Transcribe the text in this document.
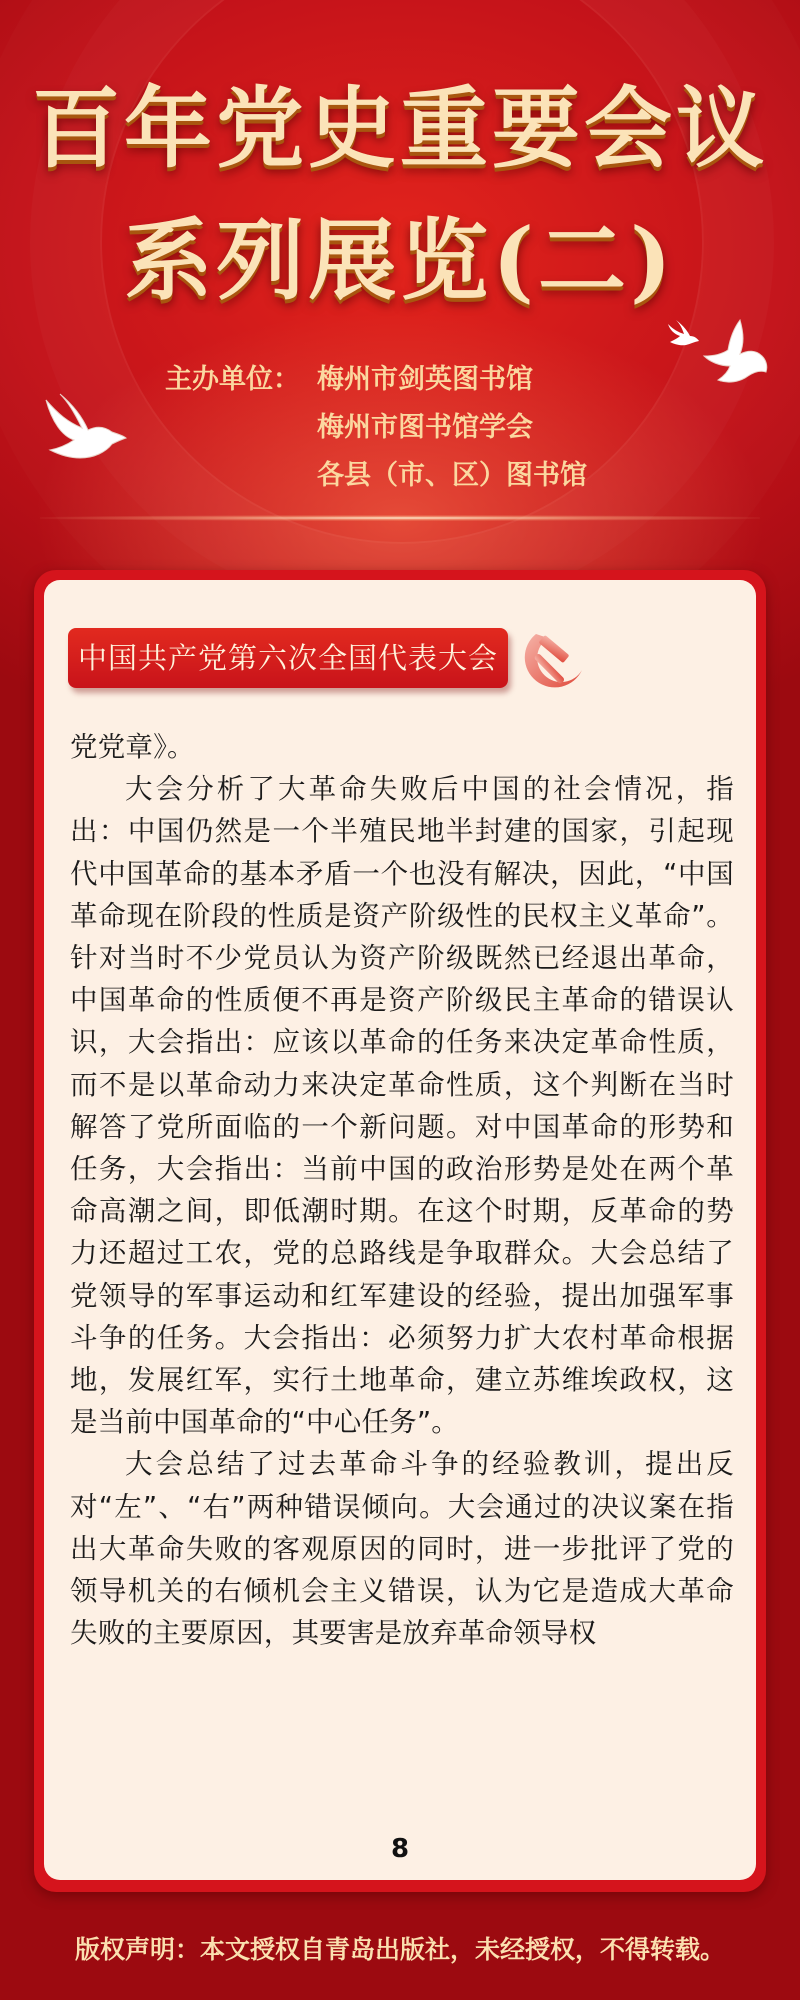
百年党史重要会议
系列展览(二)
主办单位： 梅州市剑英图书馆
梅州市图书馆学会
各县（市、区）图书馆
中国共产党第六次全国代表大会

党党章》。

大会分析了大革命失败后中国的社会情况，指出：中国仍然是一个半殖民地半封建的国家，引起现代中国革命的基本矛盾一个也没有解决，因此，“中国革命现在阶段的性质是资产阶级性的民权主义革命”。针对当时不少党员认为资产阶级既然已经退出革命，中国革命的性质便不再是资产阶级民主革命的错误认识，大会指出：应该以革命的任务来决定革命性质，而不是以革命动力来决定革命性质，这个判断在当时解答了党所面临的一个新问题。对中国革命的形势和任务，大会指出：当前中国的政治形势是处在两个革命高潮之间，即低潮时期。在这个时期，反革命的势力还超过工农，党的总路线是争取群众。大会总结了党领导的军事运动和红军建设的经验，提出加强军事斗争的任务。大会指出：必须努力扩大农村革命根据地，发展红军，实行土地革命，建立苏维埃政权，这是当前中国革命的“中心任务”。

大会总结了过去革命斗争的经验教训，提出反对“左”、“右”两种错误倾向。大会通过的决议案在指出大革命失败的客观原因的同时，进一步批评了党的领导机关的右倾机会主义错误，认为它是造成大革命失败的主要原因，其要害是放弃革命领导权

8
版权声明：本文授权自青岛出版社，未经授权，不得转载。
